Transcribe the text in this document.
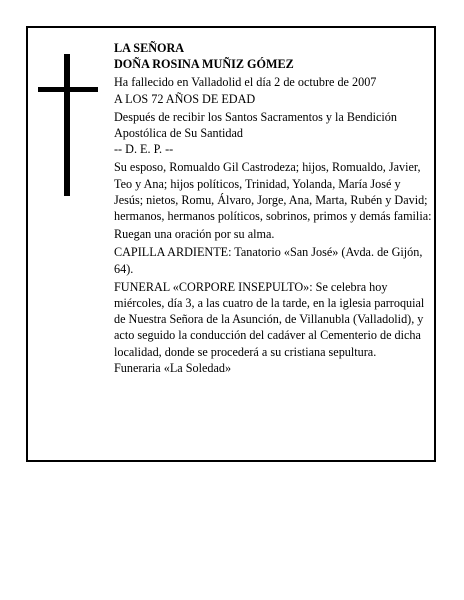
LA SEÑORA

DOÑA ROSINA MUÑIZ GÓMEZ

Ha fallecido en Valladolid el día 2 de octubre de 2007

A LOS 72 AÑOS DE EDAD

Después de recibir los Santos Sacramentos y la Bendición Apostólica de Su Santidad

-- D. E. P. --

Su esposo, Romualdo Gil Castrodeza; hijos, Romualdo, Javier, Teo y Ana; hijos políticos, Trinidad, Yolanda, María José y Jesús; nietos, Romu, Álvaro, Jorge, Ana, Marta, Rubén y David; hermanos, hermanos políticos, sobrinos, primos y demás familia:

Ruegan una oración por su alma.

CAPILLA ARDIENTE: Tanatorio «San José» (Avda. de Gijón, 64).

FUNERAL «CORPORE INSEPULTO»: Se celebra hoy miércoles, día 3, a las cuatro de la tarde, en la iglesia parroquial de Nuestra Señora de la Asunción, de Villanubla (Valladolid), y acto seguido la conducción del cadáver al Cementerio de dicha localidad, donde se procederá a su cristiana sepultura.

Funeraria «La Soledad»
